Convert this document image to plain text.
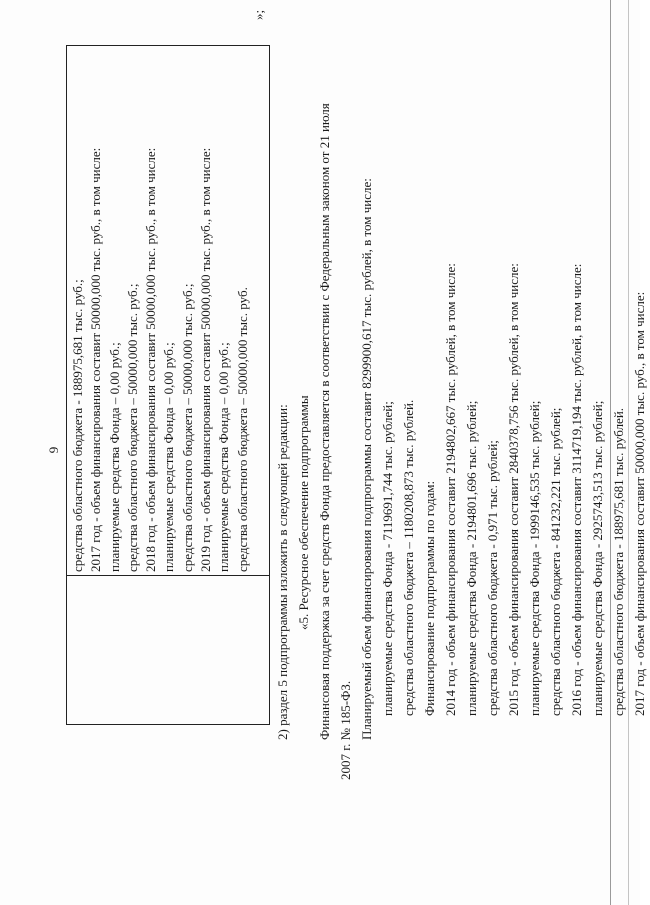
9 средства областного бюджета - 188975,681 тыс. руб.; 2017 год - объем финансирования составит 50000,000 тыс. руб., в том числе: планируемые средства Фонда – 0,00 руб.; средства областного бюджета – 50000,000 тыс. руб.; 2018 год - объем финансирования составит 50000,000 тыс. руб., в том числе: планируемые средства Фонда – 0,00 руб.; средства областного бюджета – 50000,000 тыс. руб.; 2019 год - объем финансирования составит 50000,000 тыс. руб., в том числе: планируемые средства Фонда – 0,00 руб.; средства областного бюджета – 50000,000 тыс. руб.
»;
2) раздел 5 подпрограммы изложить в следующей редакции: «5. Ресурсное обеспечение подпрограммы Финансовая поддержка за счет средств Фонда предоставляется в соответствии с Федеральным законом от 21 июля 2007 г. № 185-ФЗ. Планируемый объем финансирования подпрограммы составит 8299900,617 тыс. рублей, в том числе: планируемые средства Фонда - 7119691,744 тыс. рублей; средства областного бюджета – 1180208,873 тыс. рублей. Финансирование подпрограммы по годам: 2014 год - объем финансирования составит 2194802,667 тыс. рублей, в том числе: планируемые средства Фонда - 2194801,696 тыс. рублей; средства областного бюджета - 0,971 тыс. рублей; 2015 год - объем финансирования составит 2840378,756 тыс. рублей, в том числе: планируемые средства Фонда - 1999146,535 тыс. рублей; средства областного бюджета - 841232,221 тыс. рублей; 2016 год - объем финансирования составит 3114719,194 тыс. рублей, в том числе: планируемые средства Фонда - 2925743,513 тыс. рублей; средства областного бюджета - 188975,681 тыс. рублей. 2017 год - объем финансирования составит 50000,000 тыс. руб., в том числе:
